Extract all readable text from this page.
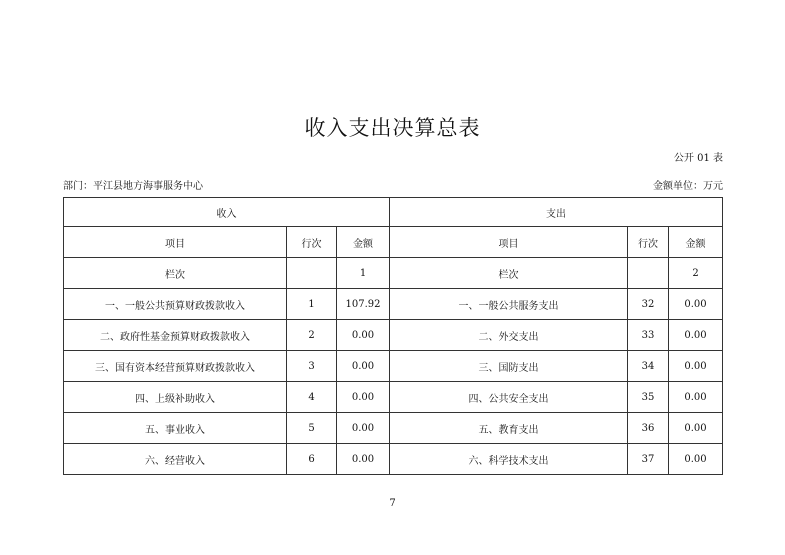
收入支出决算总表
公开 01 表
部门：平江县地方海事服务中心	金额单位：万元
收入			支出		
项目	行次	金额	项目	行次	金额
栏次		1	栏次		2
一、一般公共预算财政拨款收入	1	107.92	一、一般公共服务支出	32	0.00
二、政府性基金预算财政拨款收入	2	0.00	二、外交支出	33	0.00
三、国有资本经营预算财政拨款收入	3	0.00	三、国防支出	34	0.00
四、上级补助收入	4	0.00	四、公共安全支出	35	0.00
五、事业收入	5	0.00	五、教育支出	36	0.00
六、经营收入	6	0.00	六、科学技术支出	37	0.00
7
